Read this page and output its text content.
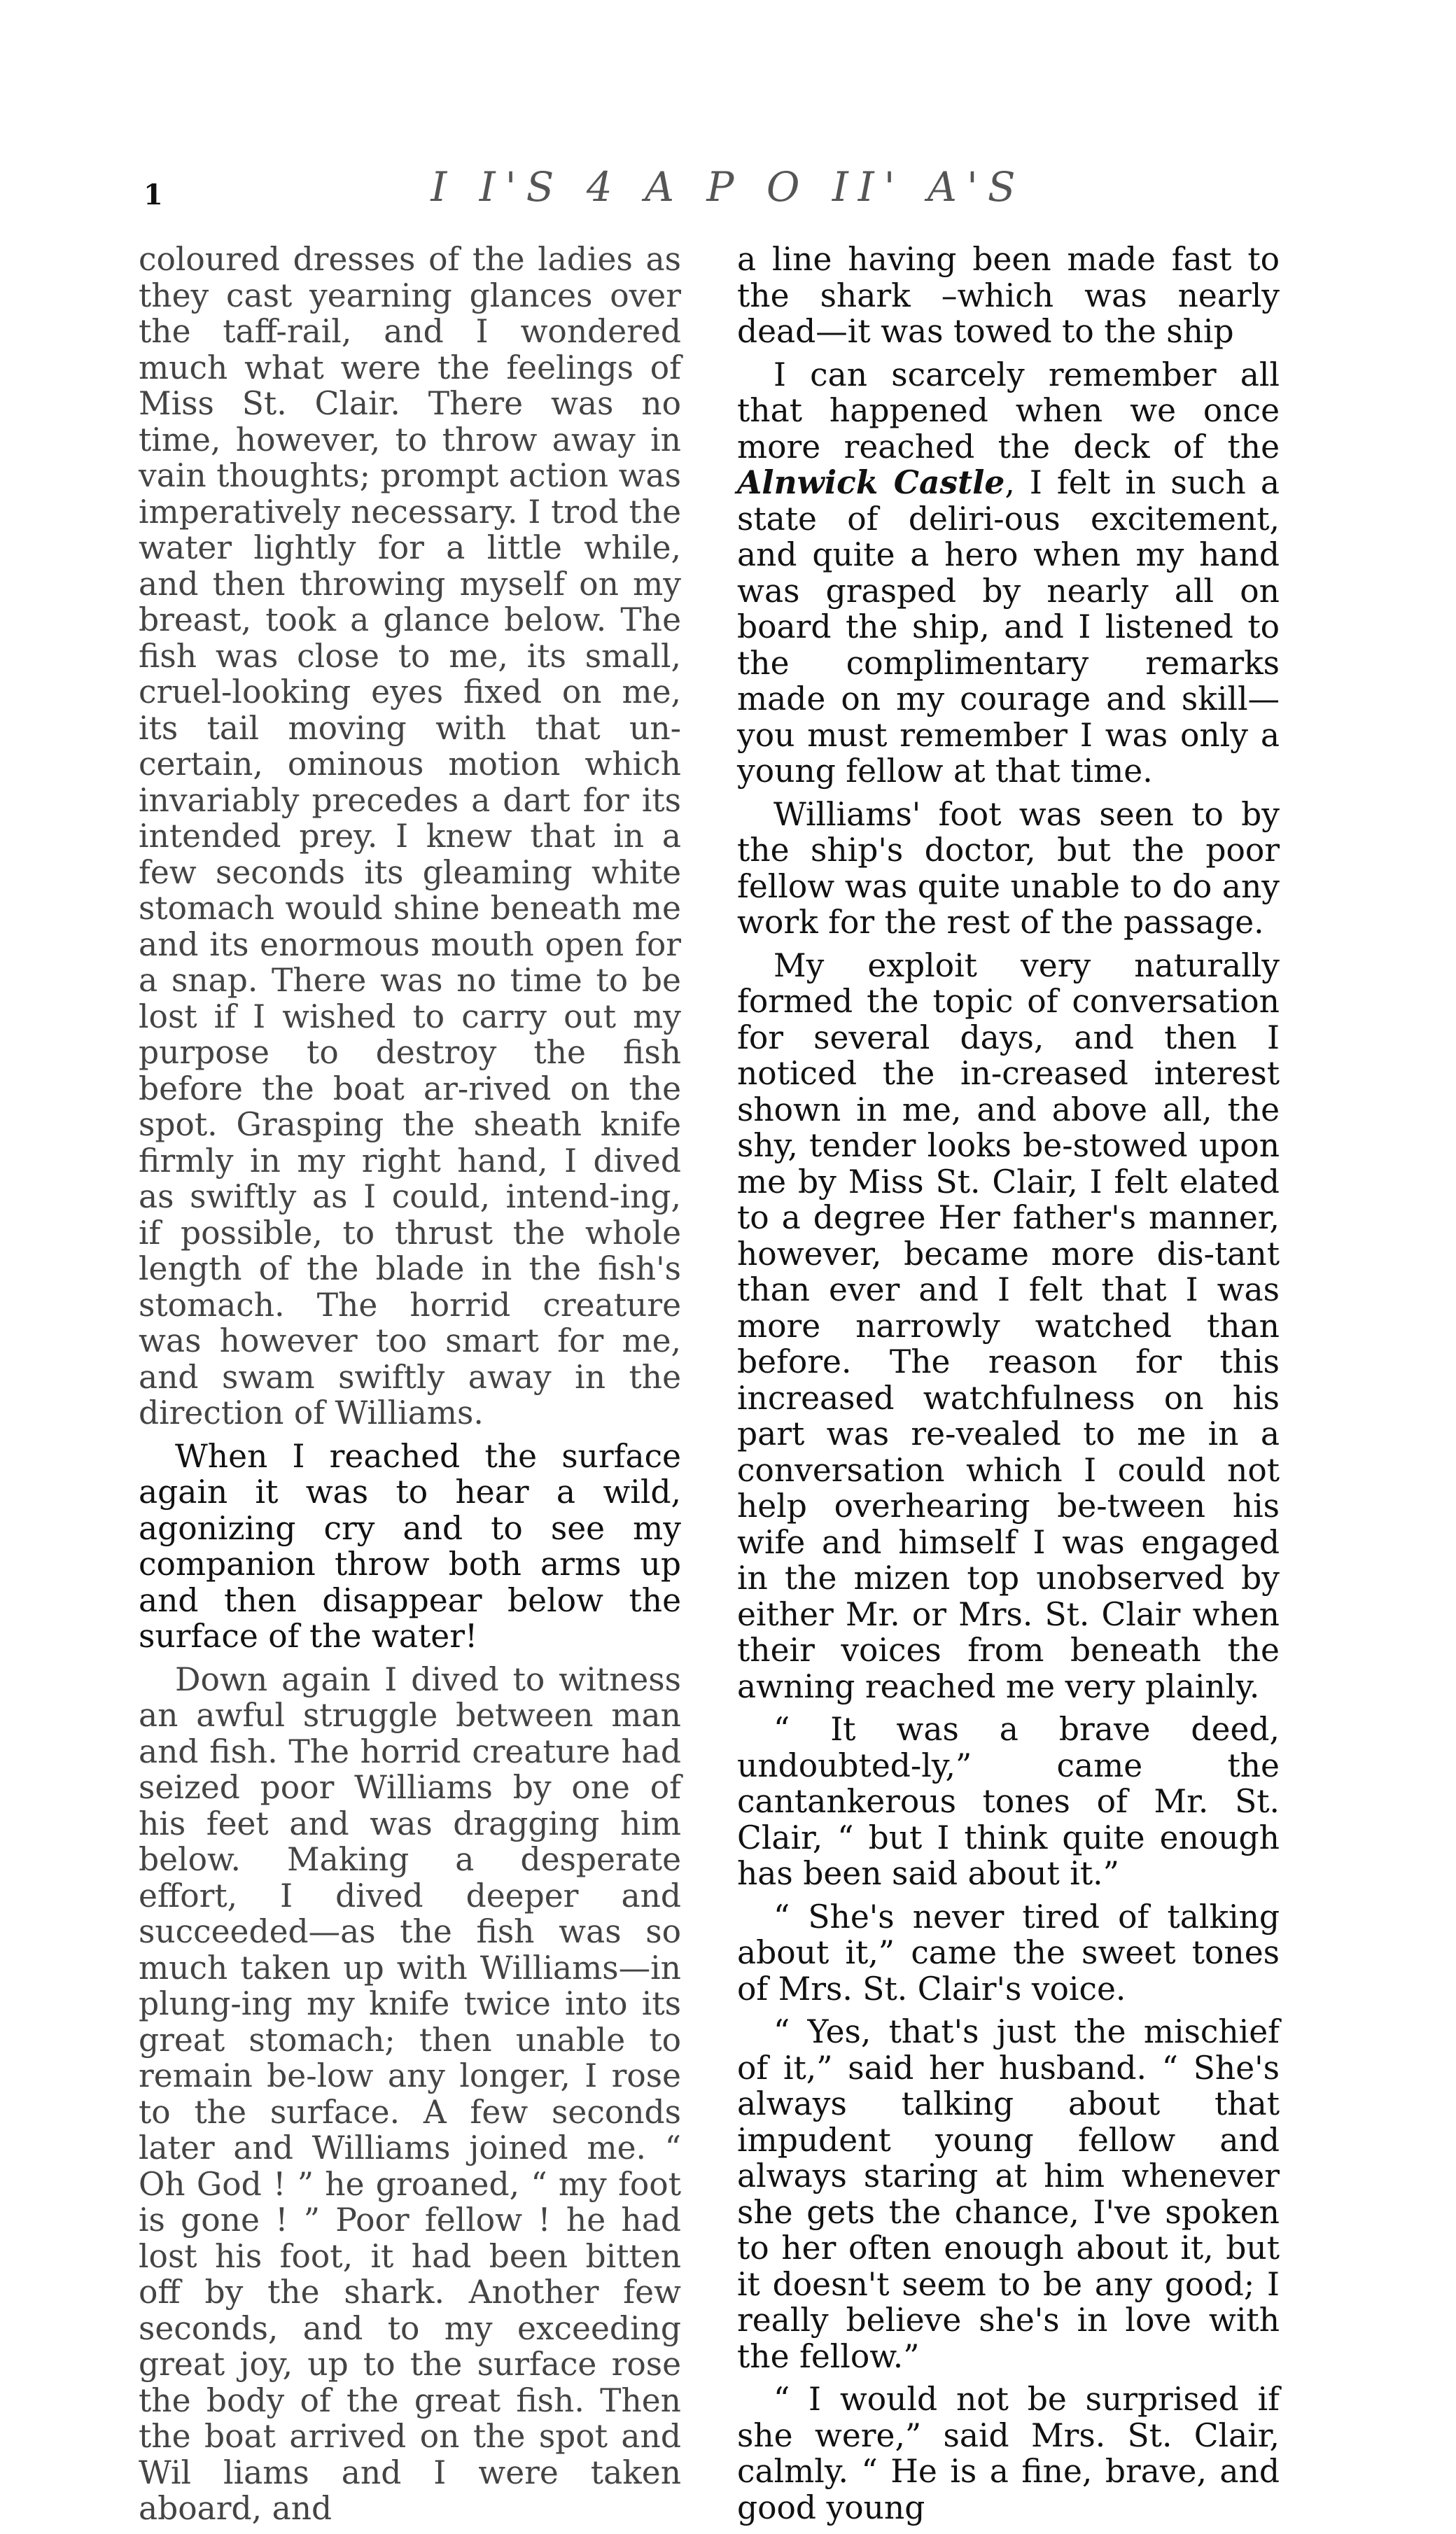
1	I I'S 4 A P O II' A'S

coloured dresses of the ladies as they cast yearning glances over the taff-rail, and I wondered much what were the feelings of Miss St. Clair. There was no time, however, to throw away in vain thoughts; prompt action was imperatively necessary. I trod the water lightly for a little while, and then throwing myself on my breast, took a glance below. The fish was close to me, its small, cruel-looking eyes fixed on me, its tail moving with that un-certain, ominous motion which invariably precedes a dart for its intended prey. I knew that in a few seconds its gleaming white stomach would shine beneath me and its enormous mouth open for a snap. There was no time to be lost if I wished to carry out my purpose to destroy the fish before the boat ar-rived on the spot. Grasping the sheath knife firmly in my right hand, I dived as swiftly as I could, intend-ing, if possible, to thrust the whole length of the blade in the fish's stomach. The horrid creature was however too smart for me, and swam swiftly away in the direction of Williams.

When I reached the surface again it was to hear a wild, agonizing cry and to see my companion throw both arms up and then disappear below the surface of the water!

Down again I dived to witness an awful struggle between man and fish. The horrid creature had seized poor Williams by one of his feet and was dragging him below. Making a desperate effort, I dived deeper and succeeded—as the fish was so much taken up with Williams—in plung-ing my knife twice into its great stomach; then unable to remain be-low any longer, I rose to the surface. A few seconds later and Williams joined me. “ Oh God ! ” he groaned, “ my foot is gone ! ” Poor fellow ! he had lost his foot, it had been bitten off by the shark. Another few seconds, and to my exceeding great joy, up to the surface rose the body of the great fish. Then the boat arrived on the spot and Wil liams and I were taken aboard, and

a line having been made fast to the shark –which was nearly dead—it was towed to the ship

I can scarcely remember all that happened when we once more reached the deck of the Alnwick Castle, I felt in such a state of deliri-ous excitement, and quite a hero when my hand was grasped by nearly all on board the ship, and I listened to the complimentary remarks made on my courage and skill—you must remember I was only a young fellow at that time.

Williams' foot was seen to by the ship's doctor, but the poor fellow was quite unable to do any work for the rest of the passage.

My exploit very naturally formed the topic of conversation for several days, and then I noticed the in-creased interest shown in me, and above all, the shy, tender looks be-stowed upon me by Miss St. Clair, I felt elated to a degree Her father's manner, however, became more dis-tant than ever and I felt that I was more narrowly watched than before. The reason for this increased watchfulness on his part was re-vealed to me in a conversation which I could not help overhearing be-tween his wife and himself I was engaged in the mizen top unobserved by either Mr. or Mrs. St. Clair when their voices from beneath the awning reached me very plainly.

“ It was a brave deed, undoubted-ly,” came the cantankerous tones of Mr. St. Clair, “ but I think quite enough has been said about it.”

“ She's never tired of talking about it,” came the sweet tones of Mrs. St. Clair's voice.

“ Yes, that's just the mischief of it,” said her husband. “ She's always talking about that impudent young fellow and always staring at him whenever she gets the chance, I've spoken to her often enough about it, but it doesn't seem to be any good; I really believe she's in love with the fellow.”

“ I would not be surprised if she were,” said Mrs. St. Clair, calmly. “ He is a fine, brave, and good young
